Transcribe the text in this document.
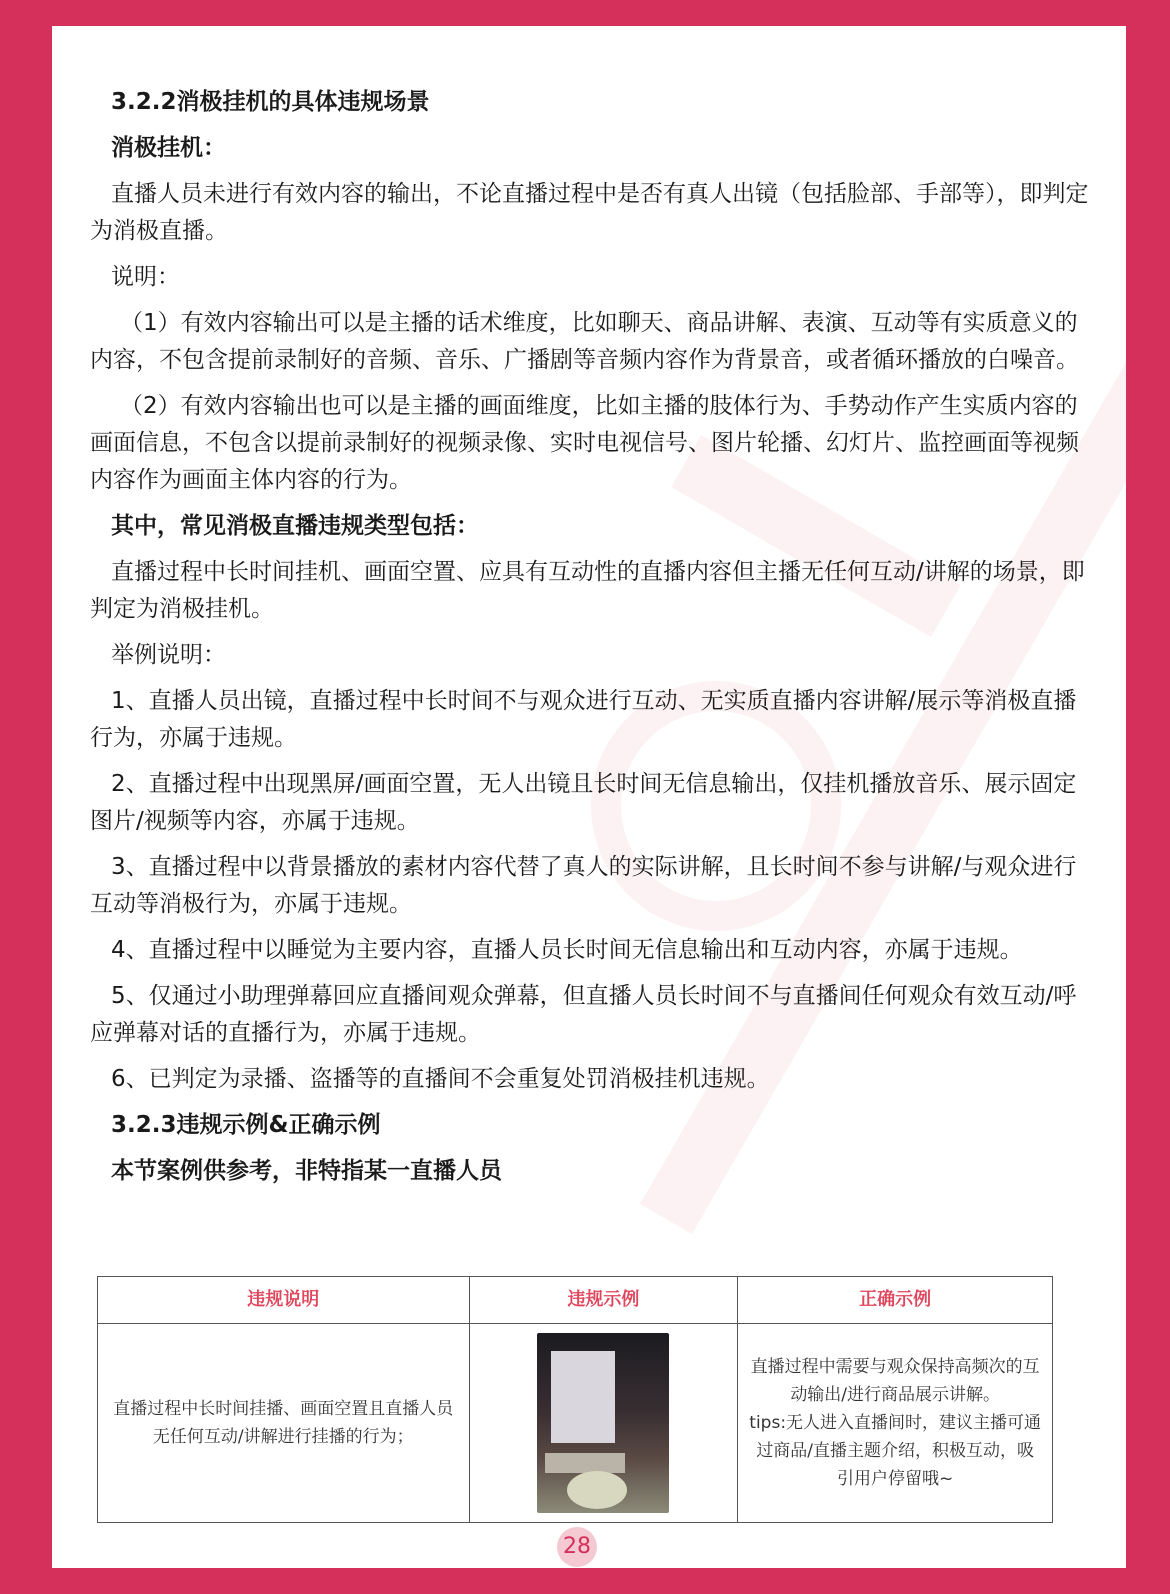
3.2.2消极挂机的具体违规场景
消极挂机：
直播人员未进行有效内容的输出，不论直播过程中是否有真人出镜（包括脸部、手部等），即判定为消极直播。
说明：
（1）有效内容输出可以是主播的话术维度，比如聊天、商品讲解、表演、互动等有实质意义的内容，不包含提前录制好的音频、音乐、广播剧等音频内容作为背景音，或者循环播放的白噪音。
（2）有效内容输出也可以是主播的画面维度，比如主播的肢体行为、手势动作产生实质内容的画面信息，不包含以提前录制好的视频录像、实时电视信号、图片轮播、幻灯片、监控画面等视频内容作为画面主体内容的行为。
其中，常见消极直播违规类型包括：
直播过程中长时间挂机、画面空置、应具有互动性的直播内容但主播无任何互动/讲解的场景，即判定为消极挂机。
举例说明：
1、直播人员出镜，直播过程中长时间不与观众进行互动、无实质直播内容讲解/展示等消极直播行为，亦属于违规。
2、直播过程中出现黑屏/画面空置，无人出镜且长时间无信息输出，仅挂机播放音乐、展示固定图片/视频等内容，亦属于违规。
3、直播过程中以背景播放的素材内容代替了真人的实际讲解，且长时间不参与讲解/与观众进行互动等消极行为，亦属于违规。
4、直播过程中以睡觉为主要内容，直播人员长时间无信息输出和互动内容，亦属于违规。
5、仅通过小助理弹幕回应直播间观众弹幕，但直播人员长时间不与直播间任何观众有效互动/呼应弹幕对话的直播行为，亦属于违规。
6、已判定为录播、盗播等的直播间不会重复处罚消极挂机违规。
3.2.3违规示例&正确示例
本节案例供参考，非特指某一直播人员
违规说明	违规示例	正确示例
直播过程中长时间挂播、画面空置且直播人员无任何互动/讲解进行挂播的行为；		直播过程中需要与观众保持高频次的互动输出/进行商品展示讲解。
tips:无人进入直播间时，建议主播可通过商品/直播主题介绍，积极互动，吸引用户停留哦~
28
